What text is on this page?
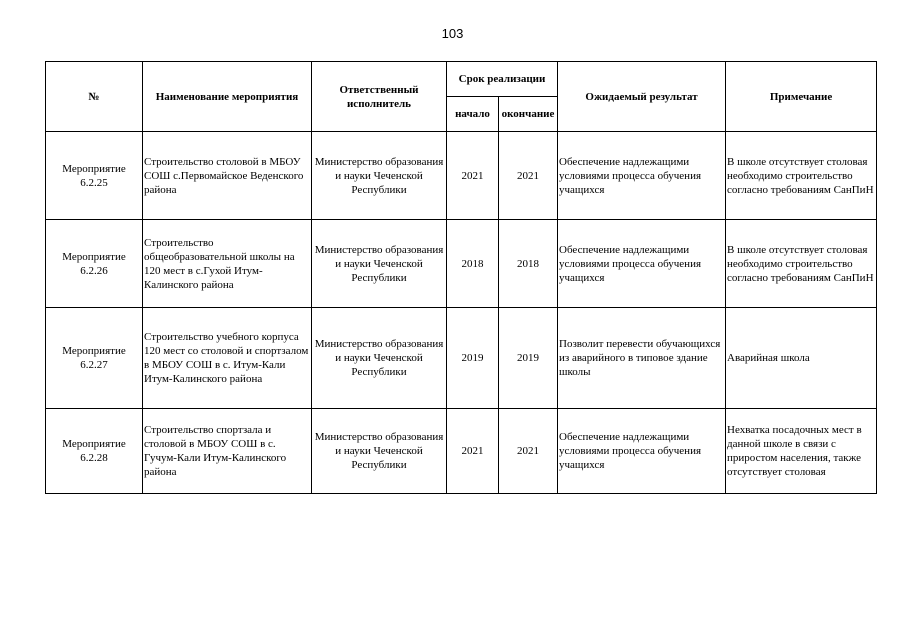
103
№	Наименование мероприятия	Ответственный исполнитель	Срок реализации		Ожидаемый результат	Примечание
			начало	окончание		
Мероприятие 6.2.25	Строительство столовой в МБОУ СОШ с.Первомайское Веденского района	Министерство образования и науки Чеченской Республики	2021	2021	Обеспечение надлежащими условиями процесса обучения учащихся	В школе отсутствует столовая необходимо строительство согласно требованиям СанПиН
Мероприятие 6.2.26	Строительство общеобразовательной школы на 120 мест в с.Гухой Итум-Калинского района	Министерство образования и науки Чеченской Республики	2018	2018	Обеспечение надлежащими условиями процесса обучения учащихся	В школе отсутствует столовая необходимо строительство согласно требованиям СанПиН
Мероприятие 6.2.27	Строительство учебного корпуса 120 мест со столовой и спортзалом в МБОУ СОШ в с. Итум-Кали Итум-Калинского района	Министерство образования и науки Чеченской Республики	2019	2019	Позволит перевести обучающихся из аварийного в типовое здание школы	Аварийная школа
Мероприятие 6.2.28	Строительство спортзала и столовой в МБОУ СОШ в с. Гучум-Кали Итум-Калинского района	Министерство образования и науки Чеченской Республики	2021	2021	Обеспечение надлежащими условиями процесса обучения учащихся	Нехватка посадочных мест в данной школе в связи с приростом населения, также отсутствует столовая
